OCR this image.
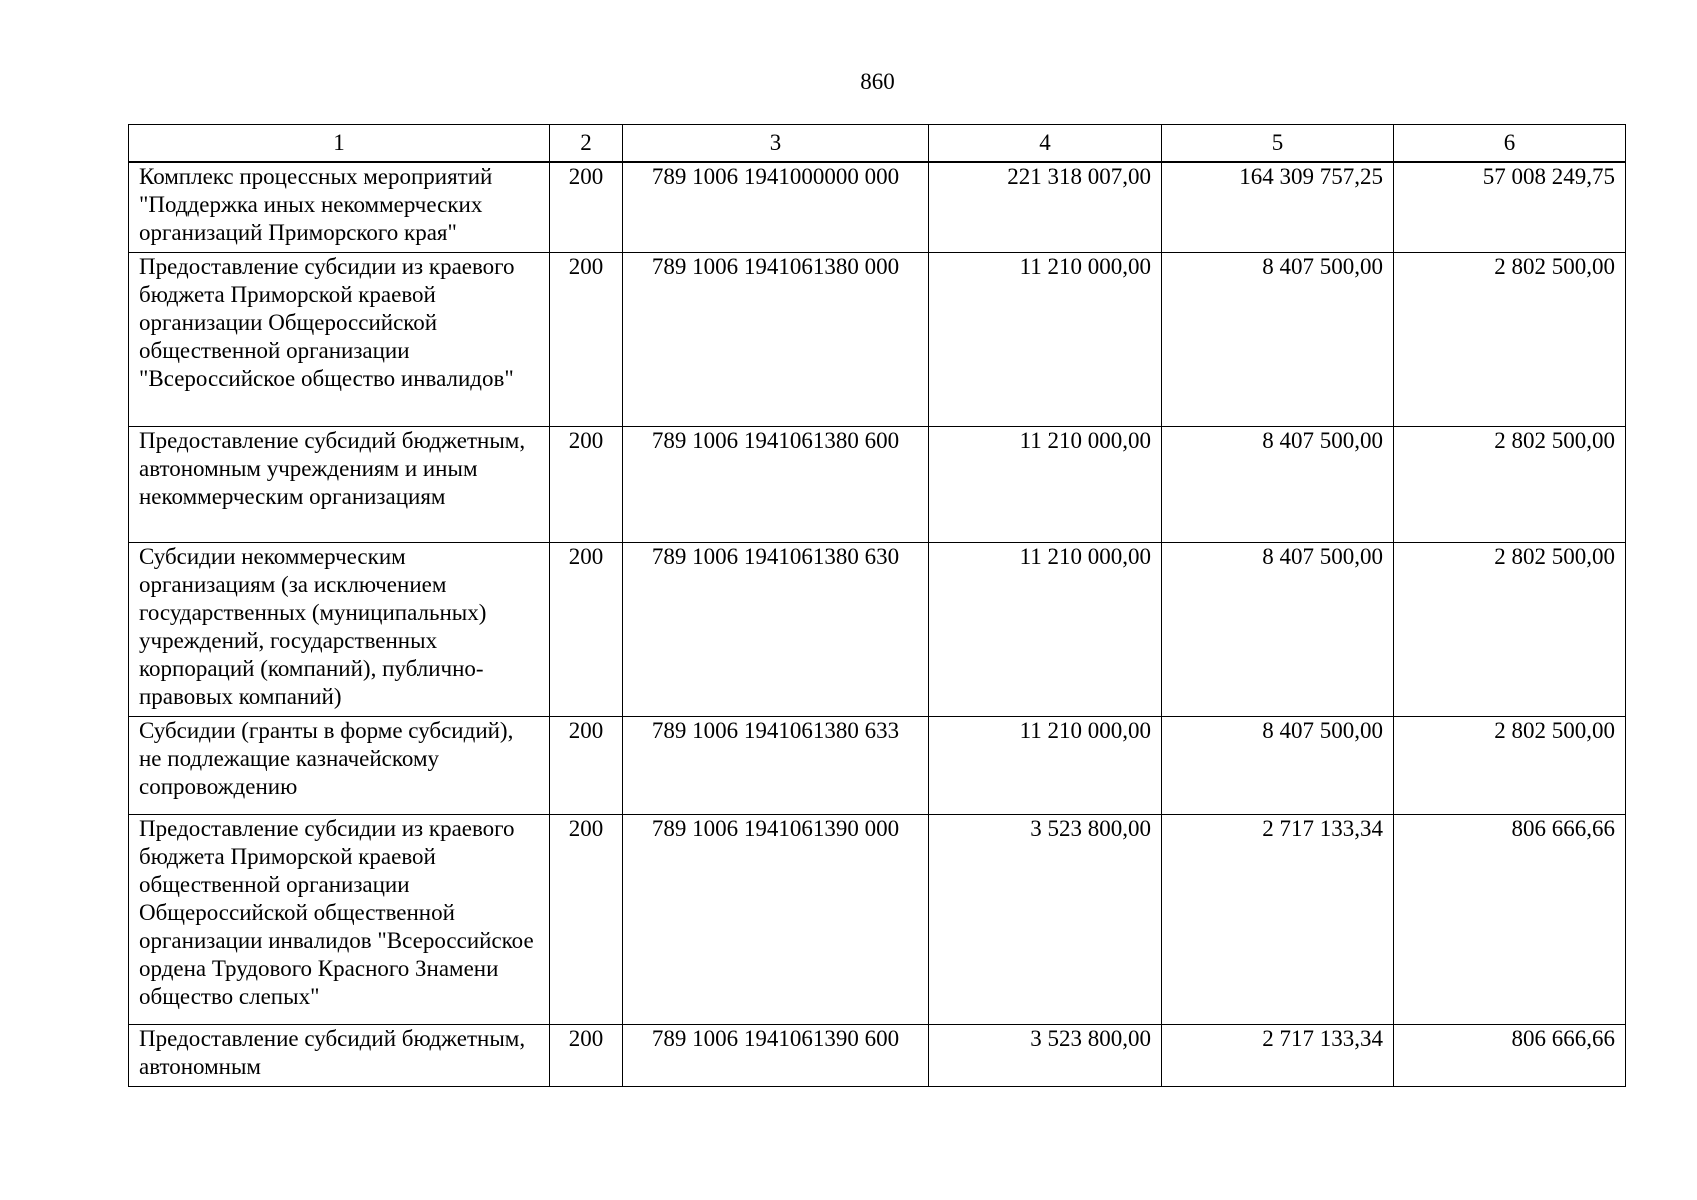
860
1	2	3	4	5	6
Комплекс процессных мероприятий "Поддержка иных некоммерческих организаций Приморского края"	200	789 1006 1941000000 000	221 318 007,00	164 309 757,25	57 008 249,75
Предоставление субсидии из краевого бюджета Приморской краевой организации Общероссийской общественной организации "Всероссийское общество инвалидов"	200	789 1006 1941061380 000	11 210 000,00	8 407 500,00	2 802 500,00
Предоставление субсидий бюджетным, автономным учреждениям и иным некоммерческим организациям	200	789 1006 1941061380 600	11 210 000,00	8 407 500,00	2 802 500,00
Субсидии некоммерческим организациям (за исключением государственных (муниципальных) учреждений, государственных корпораций (компаний), публично-правовых компаний)	200	789 1006 1941061380 630	11 210 000,00	8 407 500,00	2 802 500,00
Субсидии (гранты в форме субсидий), не подлежащие казначейскому сопровождению	200	789 1006 1941061380 633	11 210 000,00	8 407 500,00	2 802 500,00
Предоставление субсидии из краевого бюджета Приморской краевой общественной организации Общероссийской общественной организации инвалидов "Всероссийское ордена Трудового Красного Знамени общество слепых"	200	789 1006 1941061390 000	3 523 800,00	2 717 133,34	806 666,66
Предоставление субсидий бюджетным, автономным	200	789 1006 1941061390 600	3 523 800,00	2 717 133,34	806 666,66
